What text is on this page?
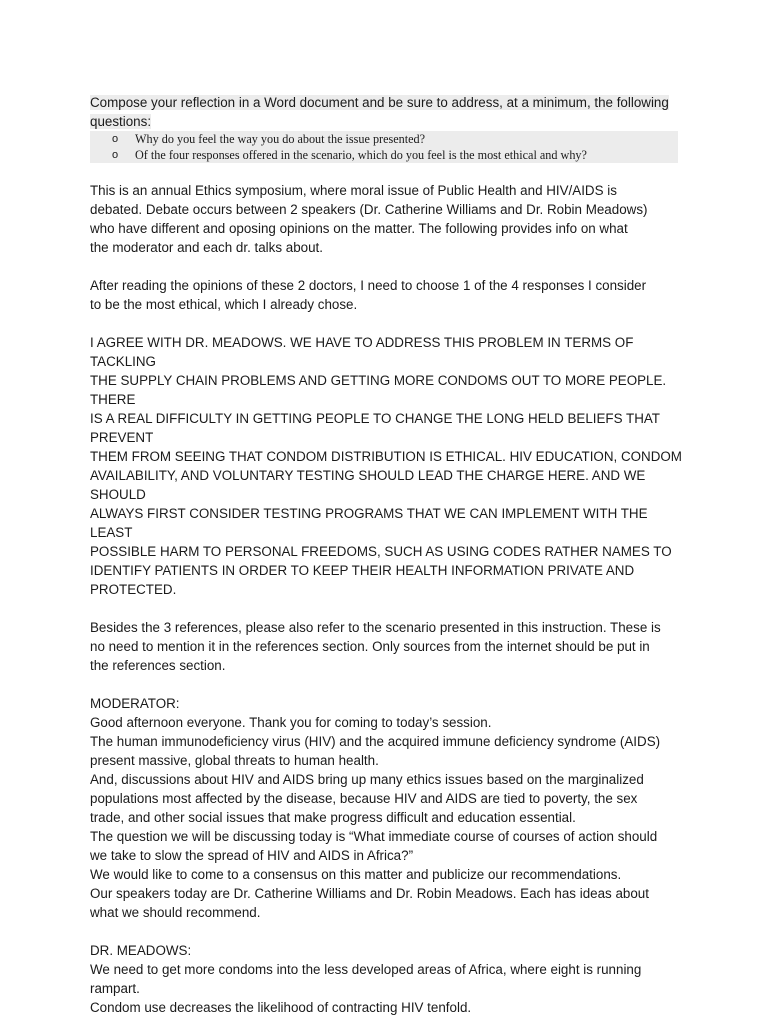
Compose your reflection in a Word document and be sure to address, at a minimum, the following

questions:

o Why do you feel the way you do about the issue presented?
o Of the four responses offered in the scenario, which do you feel is the most ethical and why?
This is an annual Ethics symposium, where moral issue of Public Health and HIV/AIDS is
debated. Debate occurs between 2 speakers (Dr. Catherine Williams and Dr. Robin Meadows)
who have different and oposing opinions on the matter. The following provides info on what
the moderator and each dr. talks about.
After reading the opinions of these 2 doctors, I need to choose 1 of the 4 responses I consider
to be the most ethical, which I already chose.
I AGREE WITH DR. MEADOWS. WE HAVE TO ADDRESS THIS PROBLEM IN TERMS OF TACKLING
THE SUPPLY CHAIN PROBLEMS AND GETTING MORE CONDOMS OUT TO MORE PEOPLE. THERE
IS A REAL DIFFICULTY IN GETTING PEOPLE TO CHANGE THE LONG HELD BELIEFS THAT PREVENT
THEM FROM SEEING THAT CONDOM DISTRIBUTION IS ETHICAL. HIV EDUCATION, CONDOM
AVAILABILITY, AND VOLUNTARY TESTING SHOULD LEAD THE CHARGE HERE. AND WE SHOULD
ALWAYS FIRST CONSIDER TESTING PROGRAMS THAT WE CAN IMPLEMENT WITH THE LEAST
POSSIBLE HARM TO PERSONAL FREEDOMS, SUCH AS USING CODES RATHER NAMES TO
IDENTIFY PATIENTS IN ORDER TO KEEP THEIR HEALTH INFORMATION PRIVATE AND
PROTECTED.
Besides the 3 references, please also refer to the scenario presented in this instruction. These is
no need to mention it in the references section. Only sources from the internet should be put in
the references section.
MODERATOR:
Good afternoon everyone. Thank you for coming to today’s session.
The human immunodeficiency virus (HIV) and the acquired immune deficiency syndrome (AIDS)
present massive, global threats to human health.
And, discussions about HIV and AIDS bring up many ethics issues based on the marginalized
populations most affected by the disease, because HIV and AIDS are tied to poverty, the sex
trade, and other social issues that make progress difficult and education essential.
The question we will be discussing today is “What immediate course of courses of action should
we take to slow the spread of HIV and AIDS in Africa?”
We would like to come to a consensus on this matter and publicize our recommendations.
Our speakers today are Dr. Catherine Williams and Dr. Robin Meadows. Each has ideas about
what we should recommend.
DR. MEADOWS:
We need to get more condoms into the less developed areas of Africa, where eight is running
rampart.
Condom use decreases the likelihood of contracting HIV tenfold.
